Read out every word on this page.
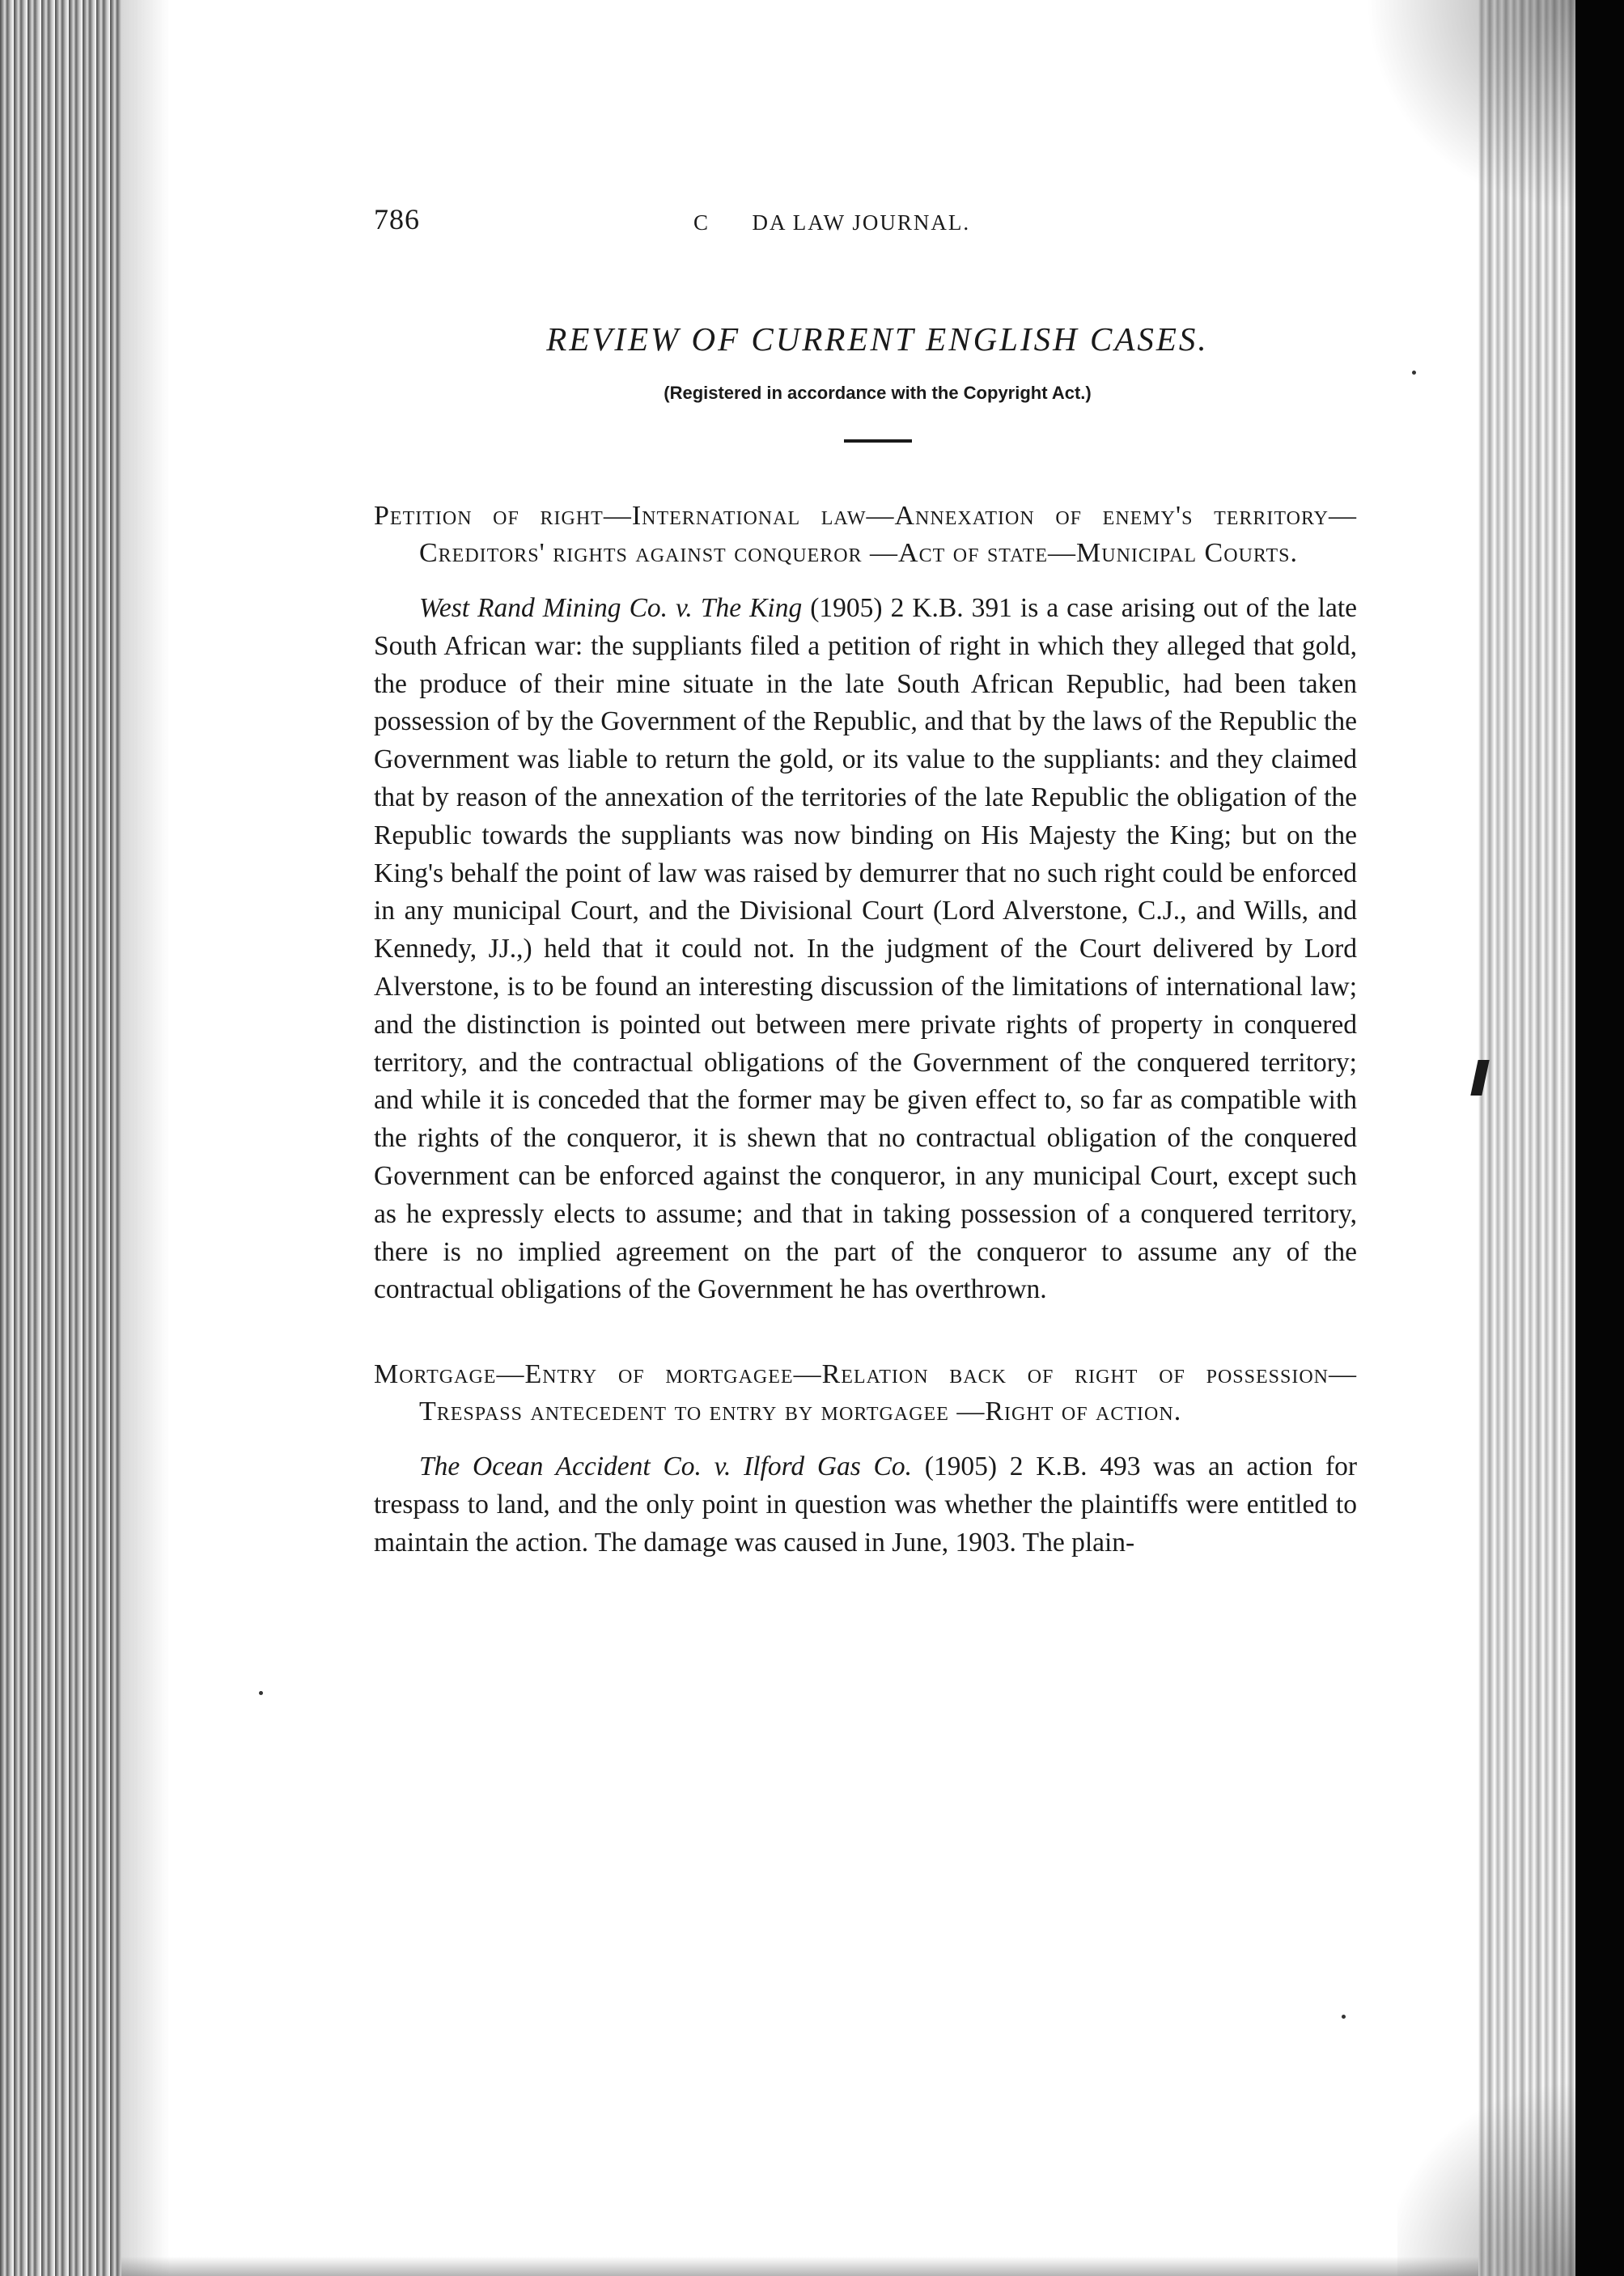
786	C      DA LAW JOURNAL.
REVIEW OF CURRENT ENGLISH CASES.
(Registered in accordance with the Copyright Act.)
Petition of right—International law—Annexation of enemy's territory—Creditors' rights against conqueror —Act of state—Municipal Courts.

West Rand Mining Co. v. The King (1905) 2 K.B. 391 is a case arising out of the late South African war: the suppliants filed a petition of right in which they alleged that gold, the produce of their mine situate in the late South African Republic, had been taken possession of by the Government of the Republic, and that by the laws of the Republic the Government was liable to return the gold, or its value to the suppliants: and they claimed that by reason of the annexation of the territories of the late Republic the obligation of the Republic towards the suppliants was now binding on His Majesty the King; but on the King's behalf the point of law was raised by demurrer that no such right could be enforced in any municipal Court, and the Divisional Court (Lord Alverstone, C.J., and Wills, and Kennedy, JJ.,) held that it could not. In the judgment of the Court delivered by Lord Alverstone, is to be found an interesting discussion of the limitations of international law; and the distinction is pointed out between mere private rights of property in conquered territory, and the contractual obligations of the Government of the conquered territory; and while it is conceded that the former may be given effect to, so far as compatible with the rights of the conqueror, it is shewn that no contractual obligation of the conquered Government can be enforced against the conqueror, in any municipal Court, except such as he expressly elects to assume; and that in taking possession of a conquered territory, there is no implied agreement on the part of the conqueror to assume any of the contractual obligations of the Government he has overthrown.

Mortgage—Entry of mortgagee—Relation back of right of possession—Trespass antecedent to entry by mortgagee —Right of action.

The Ocean Accident Co. v. Ilford Gas Co. (1905) 2 K.B. 493 was an action for trespass to land, and the only point in question was whether the plaintiffs were entitled to maintain the action. The damage was caused in June, 1903. The plain-
